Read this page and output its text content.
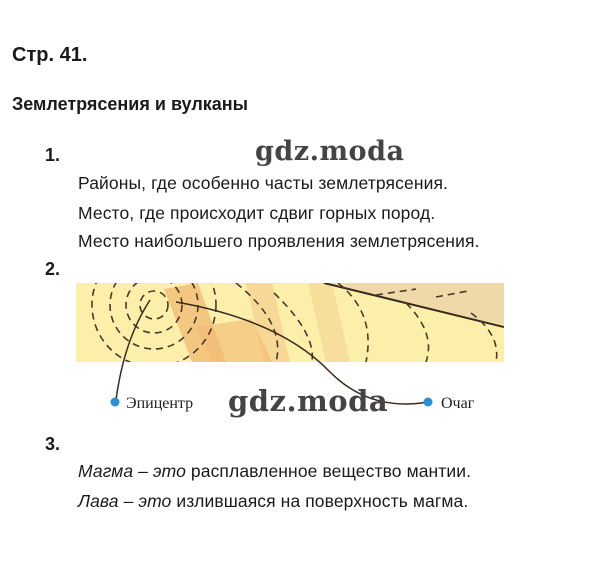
Стр. 41.
Землетрясения и вулканы
1.	gdz.moda
Районы, где особенно часты землетрясения.
Место, где происходит сдвиг горных пород.
Место наибольшего проявления землетрясения.
2.
Эпицентр	Очаг
gdz.moda
3.
Магма – это расплавленное вещество мантии.
Лава – это излившаяся на поверхность магма.
